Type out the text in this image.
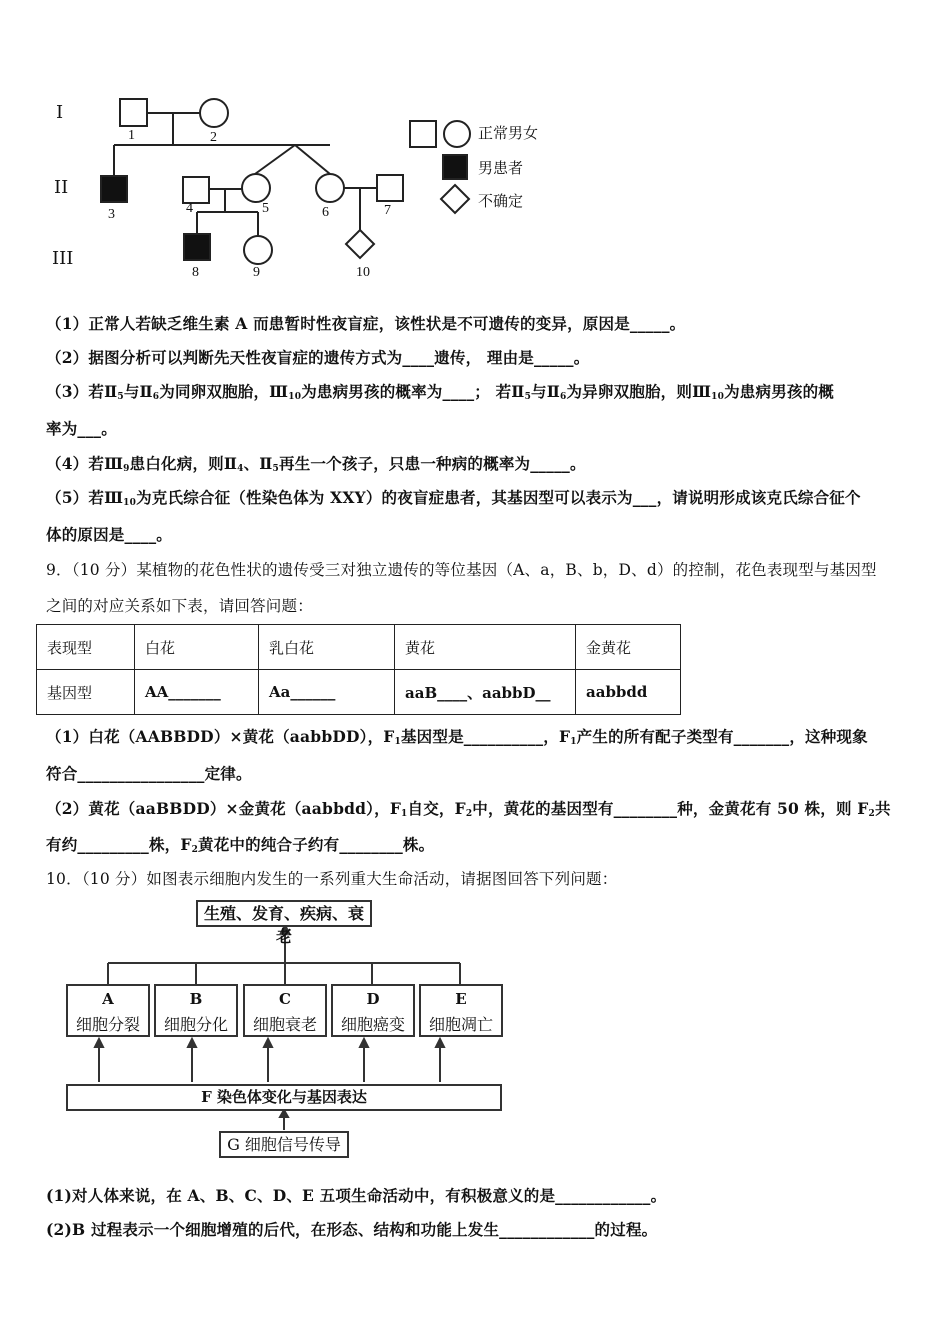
I
II
III
1	2
3	4	5	6	7
8	9	10
正常男女
男患者
不确定
（1）正常人若缺乏维生素 A 而患暂时性夜盲症，该性状是不可遗传的变异，原因是_____。
（2）据图分析可以判断先天性夜盲症的遗传方式为____遗传， 理由是_____。
（3）若$Ⅱ_5$与$Ⅱ_6$为同卵双胞胎，$Ⅲ_{10}$为患病男孩的概率为____； 若$Ⅱ_5$与$Ⅱ_6$为异卵双胞胎，则$Ⅲ_{10}$为患病男孩的概
率为___。
（4）若$Ⅲ_9$患白化病，则$Ⅱ_4$、$Ⅱ_5$再生一个孩子，只患一种病的概率为_____。
（5）若$Ⅲ_{10}$为克氏综合征（性染色体为 XXY）的夜盲症患者，其基因型可以表示为___，请说明形成该克氏综合征个
体的原因是____。
9．（10 分）某植物的花色性状的遗传受三对独立遗传的等位基因（A、a，B、b，D、d）的控制，花色表现型与基因型
之间的对应关系如下表，请回答问题：
表现型	白花	乳白花	黄花	金黄花
基因型	AA_______	Aa______	aaB____、aabbD__	aabbdd
（1）白花（AABBDD）×黄花（aabbDD），$F_1$基因型是__________，$F_1$产生的所有配子类型有_______，这种现象
符合________________定律。
（2）黄花（aaBBDD）×金黄花（aabbdd），$F_1$自交，$F_2$中，黄花的基因型有________种，金黄花有 50 株，则 $F_2$共
有约_________株，$F_2$黄花中的纯合子约有________株。
10．（10 分）如图表示细胞内发生的一系列重大生命活动，请据图回答下列问题：
生殖、发育、疾病、衰老
A
细胞分裂
B
细胞分化
C
细胞衰老
D
细胞癌变
E
细胞凋亡
F 染色体变化与基因表达
G 细胞信号传导
(1)对人体来说，在 A、B、C、D、E 五项生命活动中，有积极意义的是____________。
(2)B 过程表示一个细胞增殖的后代，在形态、结构和功能上发生____________的过程。
